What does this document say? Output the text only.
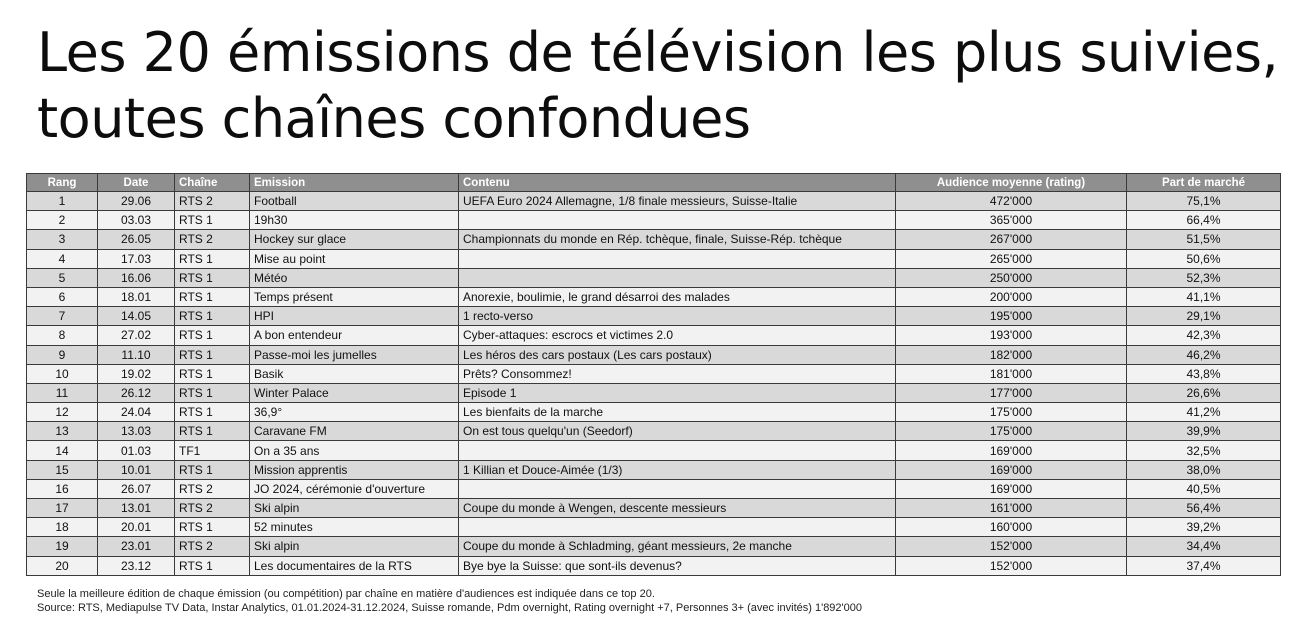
Les 20 émissions de télévision les plus suivies, toutes chaînes confondues
Rang	Date	Chaîne	Emission	Contenu	Audience moyenne (rating)	Part de marché
1	29.06	RTS 2	Football	UEFA Euro 2024 Allemagne, 1/8 finale messieurs, Suisse-Italie	472'000	75,1%
2	03.03	RTS 1	19h30		365'000	66,4%
3	26.05	RTS 2	Hockey sur glace	Championnats du monde en Rép. tchèque, finale, Suisse-Rép. tchèque	267'000	51,5%
4	17.03	RTS 1	Mise au point		265'000	50,6%
5	16.06	RTS 1	Météo		250'000	52,3%
6	18.01	RTS 1	Temps présent	Anorexie, boulimie, le grand désarroi des malades	200'000	41,1%
7	14.05	RTS 1	HPI	1 recto-verso	195'000	29,1%
8	27.02	RTS 1	A bon entendeur	Cyber-attaques: escrocs et victimes 2.0	193'000	42,3%
9	11.10	RTS 1	Passe-moi les jumelles	Les héros des cars postaux (Les cars postaux)	182'000	46,2%
10	19.02	RTS 1	Basik	Prêts? Consommez!	181'000	43,8%
11	26.12	RTS 1	Winter Palace	Episode 1	177'000	26,6%
12	24.04	RTS 1	36,9°	Les bienfaits de la marche	175'000	41,2%
13	13.03	RTS 1	Caravane FM	On est tous quelqu'un (Seedorf)	175'000	39,9%
14	01.03	TF1	On a 35 ans		169'000	32,5%
15	10.01	RTS 1	Mission apprentis	1 Killian et Douce-Aimée (1/3)	169'000	38,0%
16	26.07	RTS 2	JO 2024, cérémonie d'ouverture		169'000	40,5%
17	13.01	RTS 2	Ski alpin	Coupe du monde à Wengen, descente messieurs	161'000	56,4%
18	20.01	RTS 1	52 minutes		160'000	39,2%
19	23.01	RTS 2	Ski alpin	Coupe du monde à Schladming, géant messieurs, 2e manche	152'000	34,4%
20	23.12	RTS 1	Les documentaires de la RTS	Bye bye la Suisse: que sont-ils devenus?	152'000	37,4%
Seule la meilleure édition de chaque émission (ou compétition) par chaîne en matière d'audiences est indiquée dans ce top 20.
Source: RTS, Mediapulse TV Data, Instar Analytics, 01.01.2024-31.12.2024, Suisse romande, Pdm overnight, Rating overnight +7, Personnes 3+ (avec invités) 1'892'000
